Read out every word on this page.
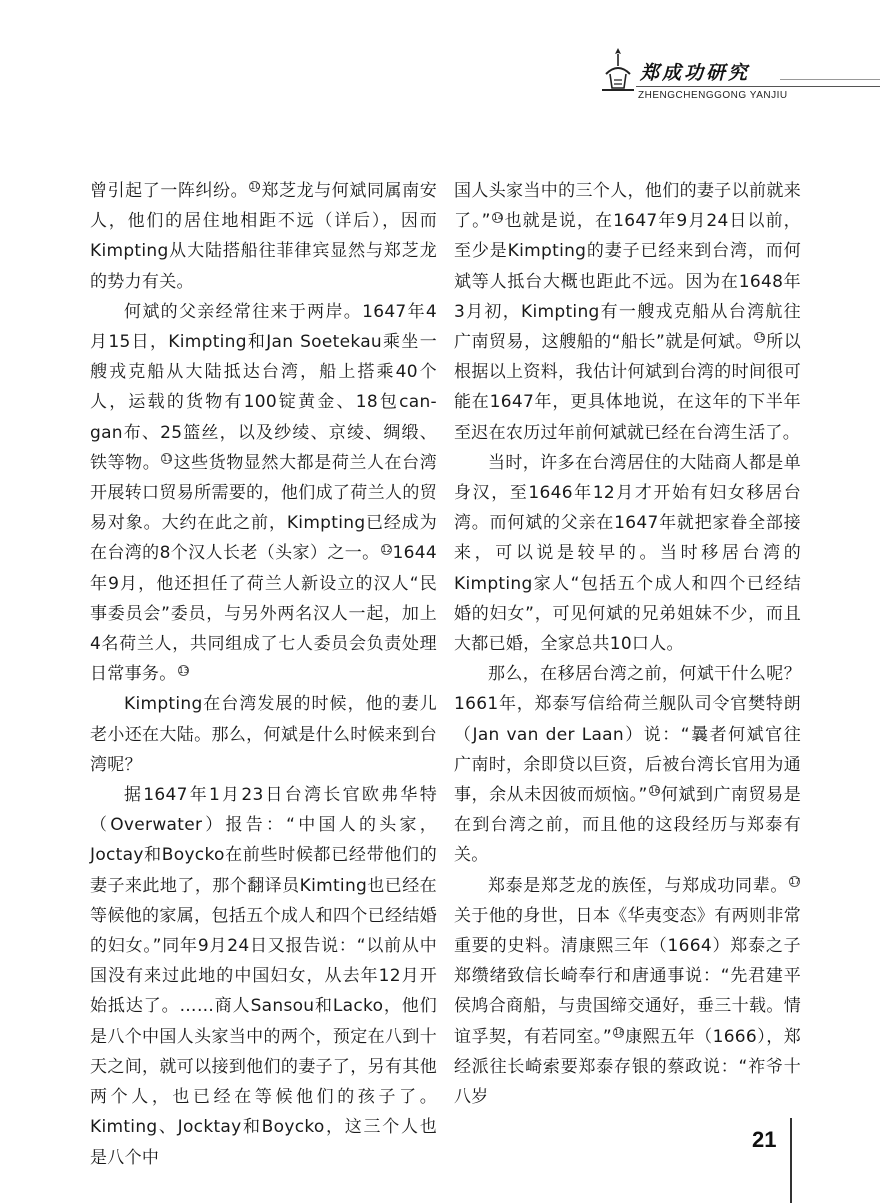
郑成功研究
ZHENGCHENGGONG YANJIU

曾引起了一阵纠纷。 10郑芝龙与何斌同属南安人，他们的居住地相距不远（详后），因而Kimpting从大陆搭船往菲律宾显然与郑芝龙的势力有关。

何斌的父亲经常往来于两岸。1647年4月15日，Kimpting和Jan Soetekau乘坐一艘戎克船从大陆抵达台湾，船上搭乘40个人，运载的货物有100锭黄金、18包can-gan布、25篮丝，以及纱绫、京绫、绸缎、铁等物。 11这些货物显然大都是荷兰人在台湾开展转口贸易所需要的，他们成了荷兰人的贸易对象。大约在此之前，Kimpting已经成为在台湾的8个汉人长老（头家）之一。 121644年9月，他还担任了荷兰人新设立的汉人“民事委员会”委员，与另外两名汉人一起，加上4名荷兰人，共同组成了七人委员会负责处理日常事务。 13

Kimpting在台湾发展的时候，他的妻儿老小还在大陆。那么，何斌是什么时候来到台湾呢？

据1647年1月23日台湾长官欧弗华特（Overwater）报告：“中国人的头家，Joctay和Boycko在前些时候都已经带他们的妻子来此地了，那个翻译员Kimting也已经在等候他的家属，包括五个成人和四个已经结婚的妇女。”同年9月24日又报告说：“以前从中国没有来过此地的中国妇女，从去年12月开始抵达了。……商人Sansou和Lacko，他们是八个中国人头家当中的两个，预定在八到十天之间，就可以接到他们的妻子了，另有其他两个人，也已经在等候他们的孩子了。Kimting、Jocktay和Boycko，这三个人也是八个中

国人头家当中的三个人，他们的妻子以前就来了。” 14也就是说，在1647年9月24日以前，至少是Kimpting的妻子已经来到台湾，而何斌等人抵台大概也距此不远。因为在1648年3月初，Kimpting有一艘戎克船从台湾航往广南贸易，这艘船的“船长”就是何斌。 15所以根据以上资料，我估计何斌到台湾的时间很可能在1647年，更具体地说，在这年的下半年至迟在农历过年前何斌就已经在台湾生活了。

当时，许多在台湾居住的大陆商人都是单身汉，至1646年12月才开始有妇女移居台湾。而何斌的父亲在1647年就把家眷全部接来，可以说是较早的。当时移居台湾的Kimpting家人“包括五个成人和四个已经结婚的妇女”，可见何斌的兄弟姐妹不少，而且大都已婚，全家总共10口人。

那么，在移居台湾之前，何斌干什么呢？1661年，郑泰写信给荷兰舰队司令官樊特朗（Jan van der Laan）说：“曩者何斌官往广南时，余即贷以巨资，后被台湾长官用为通事，余从未因彼而烦恼。” 16何斌到广南贸易是在到台湾之前，而且他的这段经历与郑泰有关。

郑泰是郑芝龙的族侄，与郑成功同辈。 17关于他的身世，日本《华夷变态》有两则非常重要的史料。清康熙三年（1664）郑泰之子郑缵绪致信长崎奉行和唐通事说：“先君建平侯鸠合商船，与贵国缔交通好，垂三十载。情谊孚契，有若同室。” 18康熙五年（1666），郑经派往长崎索要郑泰存银的蔡政说：“祚爷十八岁

21
